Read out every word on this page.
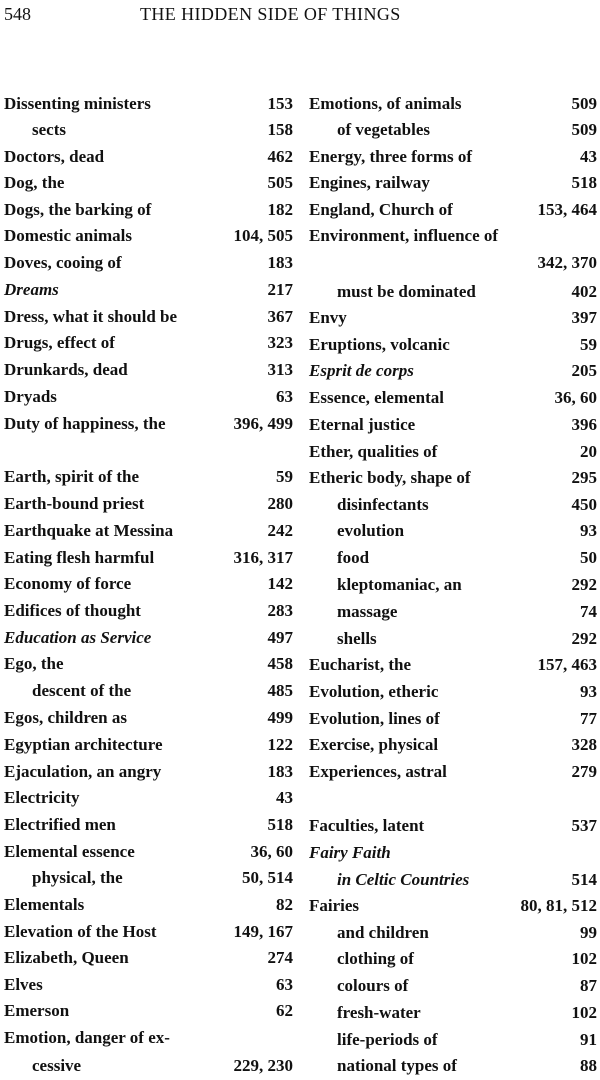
548	THE HIDDEN SIDE OF THINGS
Dissenting ministers	153
sects	158
Doctors, dead	462
Dog, the	505
Dogs, the barking of	182
Domestic animals	104, 505
Doves, cooing of	183
Dreams	217
Dress, what it should be	367
Drugs, effect of	323
Drunkards, dead	313
Dryads	63
Duty of happiness, the	396, 499
Earth, spirit of the	59
Earth-bound priest	280
Earthquake at Messina	242
Eating flesh harmful	316, 317
Economy of force	142
Edifices of thought	283
Education as Service	497
Ego, the	458
descent of the	485
Egos, children as	499
Egyptian architecture	122
Ejaculation, an angry	183
Electricity	43
Electrified men	518
Elemental essence	36, 60
physical, the	50, 514
Elementals	82
Elevation of the Host	149, 167
Elizabeth, Queen	274
Elves	63
Emerson	62
Emotion, danger of ex-
cessive	229, 230
Emotions, of animals	509
of vegetables	509
Energy, three forms of	43
Engines, railway	518
England, Church of	153, 464
Environment, influence of
342, 370
must be dominated	402
Envy	397
Eruptions, volcanic	59
Esprit de corps	205
Essence, elemental	36, 60
Eternal justice	396
Ether, qualities of	20
Etheric body, shape of	295
disinfectants	450
evolution	93
food	50
kleptomaniac, an	292
massage	74
shells	292
Eucharist, the	157, 463
Evolution, etheric	93
Evolution, lines of	77
Exercise, physical	328
Experiences, astral	279
Faculties, latent	537
Fairy Faith
in Celtic Countries	514
Fairies	80, 81, 512
and children	99
clothing of	102
colours of	87
fresh-water	102
life-periods of	91
national types of	88
